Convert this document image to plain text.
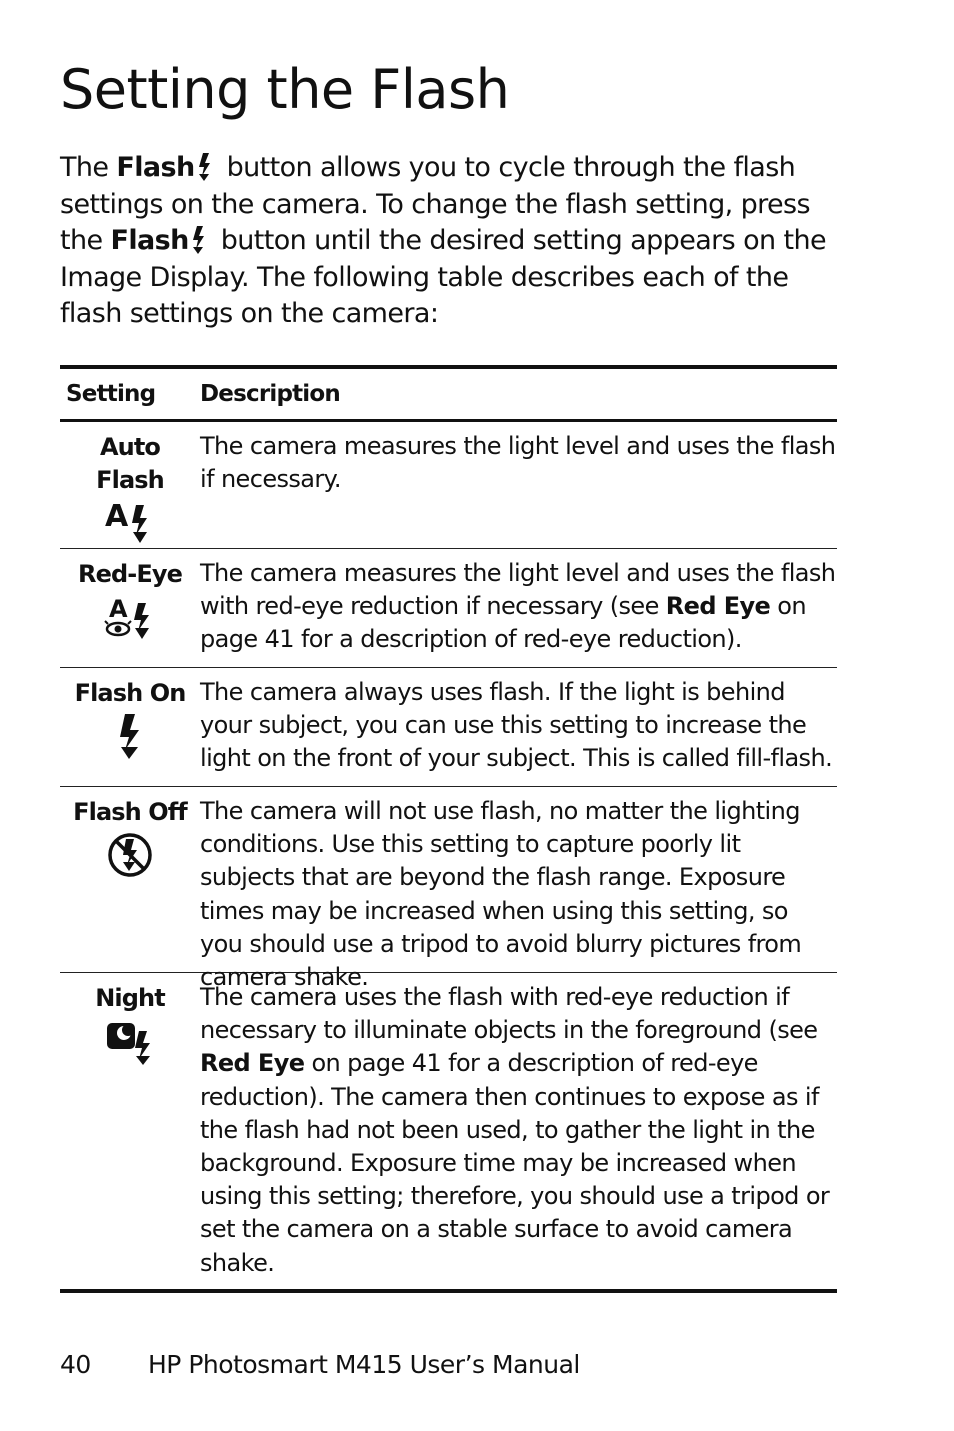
Setting the Flash

The Flash button allows you to cycle through the flash settings on the camera. To change the flash setting, press the Flash button until the desired setting appears on the Image Display. The following table describes each of the flash settings on the camera:

Setting	Description
Auto Flash
A
The camera measures the light level and uses the flash if necessary.
Red-Eye
A
The camera measures the light level and uses the flash with red-eye reduction if necessary (see Red Eye on page 41 for a description of red-eye reduction).
Flash On The camera always uses flash. If the light is behind your subject, you can use this setting to increase the light on the front of your subject. This is called fill-flash.
Flash Off The camera will not use flash, no matter the lighting conditions. Use this setting to capture poorly lit subjects that are beyond the flash range. Exposure times may be increased when using this setting, so you should use a tripod to avoid blurry pictures from camera shake.
Night The camera uses the flash with red-eye reduction if necessary to illuminate objects in the foreground (see Red Eye on page 41 for a description of red-eye reduction). The camera then continues to expose as if the flash had not been used, to gather the light in the background. Exposure time may be increased when using this setting; therefore, you should use a tripod or set the camera on a stable surface to avoid camera shake.
40 HP Photosmart M415 User’s Manual
